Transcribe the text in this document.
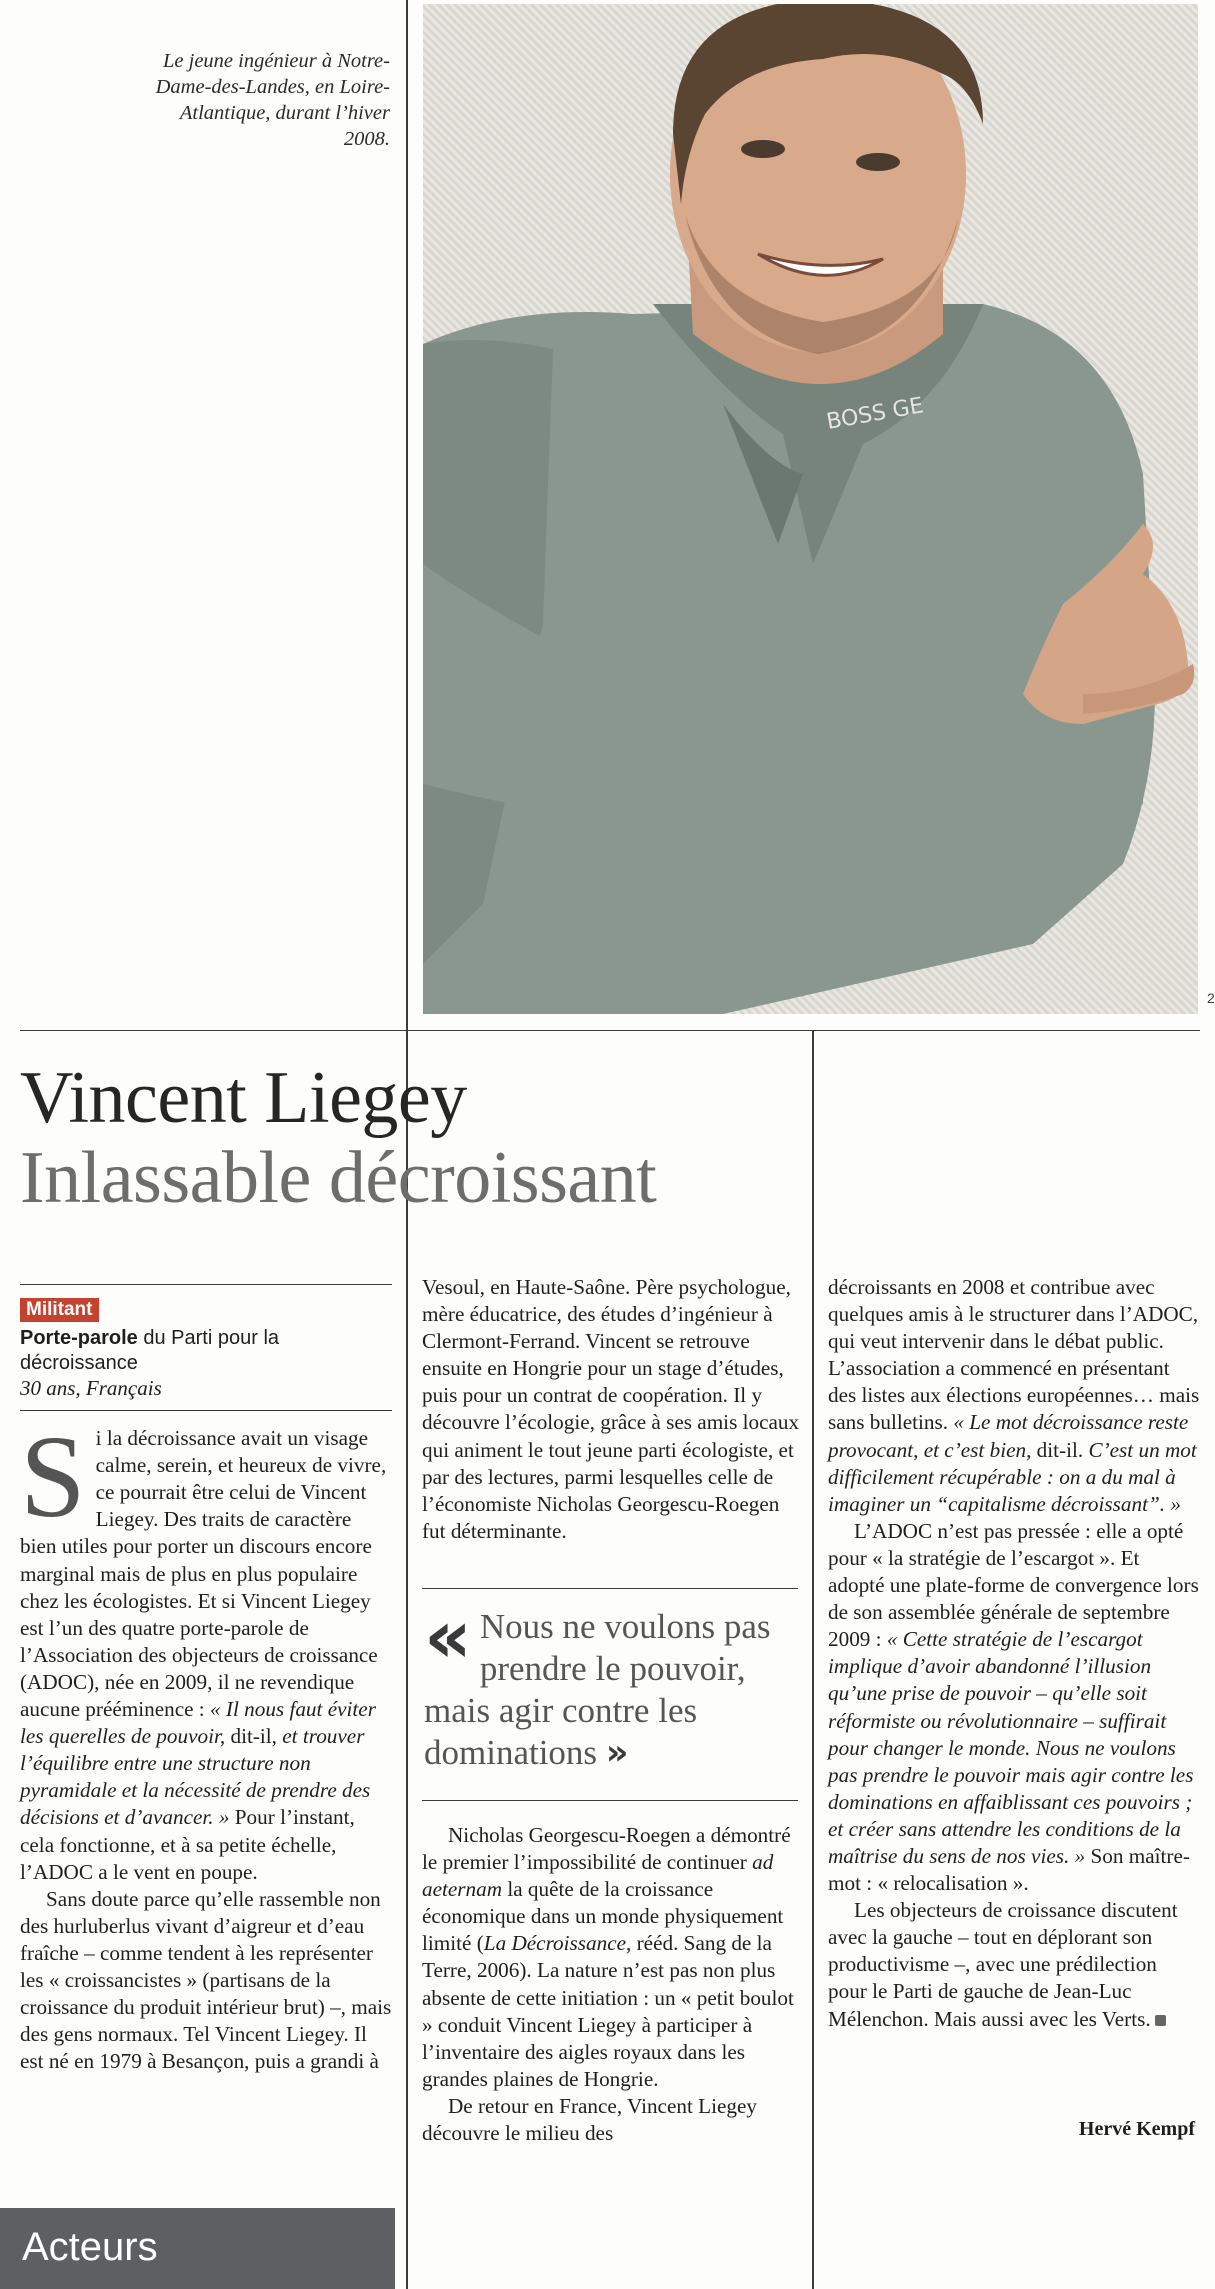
Le jeune ingénieur à Notre-Dame-des-Landes, en Loire-Atlantique, durant l’hiver 2008.
BOSS GE
2
Vincent Liegey
Inlassable décroissant
Militant
Porte-parole du Parti pour la décroissance
30 ans, Français

Si la décroissance avait un visage calme, serein, et heureux de vivre, ce pourrait être celui de Vincent Liegey. Des traits de caractère bien utiles pour porter un discours encore marginal mais de plus en plus populaire chez les écologistes. Et si Vincent Liegey est l’un des quatre porte-parole de l’Association des objecteurs de croissance (ADOC), née en 2009, il ne revendique aucune prééminence : « Il nous faut éviter les querelles de pouvoir, dit-il, et trouver l’équilibre entre une structure non pyramidale et la nécessité de prendre des décisions et d’avancer. » Pour l’instant, cela fonctionne, et à sa petite échelle, l’ADOC a le vent en poupe.

Sans doute parce qu’elle rassemble non des hurluberlus vivant d’aigreur et d’eau fraîche – comme tendent à les représenter les « croissancistes » (partisans de la croissance du produit intérieur brut) –, mais des gens normaux. Tel Vincent Liegey. Il est né en 1979 à Besançon, puis a grandi à

Vesoul, en Haute-Saône. Père psychologue, mère éducatrice, des études d’ingénieur à Clermont-Ferrand. Vincent se retrouve ensuite en Hongrie pour un stage d’études, puis pour un contrat de coopération. Il y découvre l’écologie, grâce à ses amis locaux qui animent le tout jeune parti écologiste, et par des lectures, parmi lesquelles celle de l’économiste Nicholas Georgescu-Roegen fut déterminante.

« Nous ne voulons pas prendre le pouvoir, mais agir contre les dominations »

Nicholas Georgescu-Roegen a démontré le premier l’impossibilité de continuer ad aeternam la quête de la croissance économique dans un monde physiquement limité (La Décroissance, rééd. Sang de la Terre, 2006). La nature n’est pas non plus absente de cette initiation : un « petit boulot » conduit Vincent Liegey à participer à l’inventaire des aigles royaux dans les grandes plaines de Hongrie.

De retour en France, Vincent Liegey découvre le milieu des

décroissants en 2008 et contribue avec quelques amis à le structurer dans l’ADOC, qui veut intervenir dans le débat public. L’association a commencé en présentant des listes aux élections européennes… mais sans bulletins. « Le mot décroissance reste provocant, et c’est bien, dit-il. C’est un mot difficilement récupérable : on a du mal à imaginer un “capitalisme décroissant”. »

L’ADOC n’est pas pressée : elle a opté pour « la stratégie de l’escargot ». Et adopté une plate-forme de convergence lors de son assemblée générale de septembre 2009 : « Cette stratégie de l’escargot implique d’avoir abandonné l’illusion qu’une prise de pouvoir – qu’elle soit réformiste ou révolutionnaire – suffirait pour changer le monde. Nous ne voulons pas prendre le pouvoir mais agir contre les dominations en affaiblissant ces pouvoirs ; et créer sans attendre les conditions de la maîtrise du sens de nos vies. » Son maître-mot : « relocalisation ».

Les objecteurs de croissance discutent avec la gauche – tout en déplorant son productivisme –, avec une prédilection pour le Parti de gauche de Jean-Luc Mélenchon. Mais aussi avec les Verts.

Hervé Kempf
Acteurs
